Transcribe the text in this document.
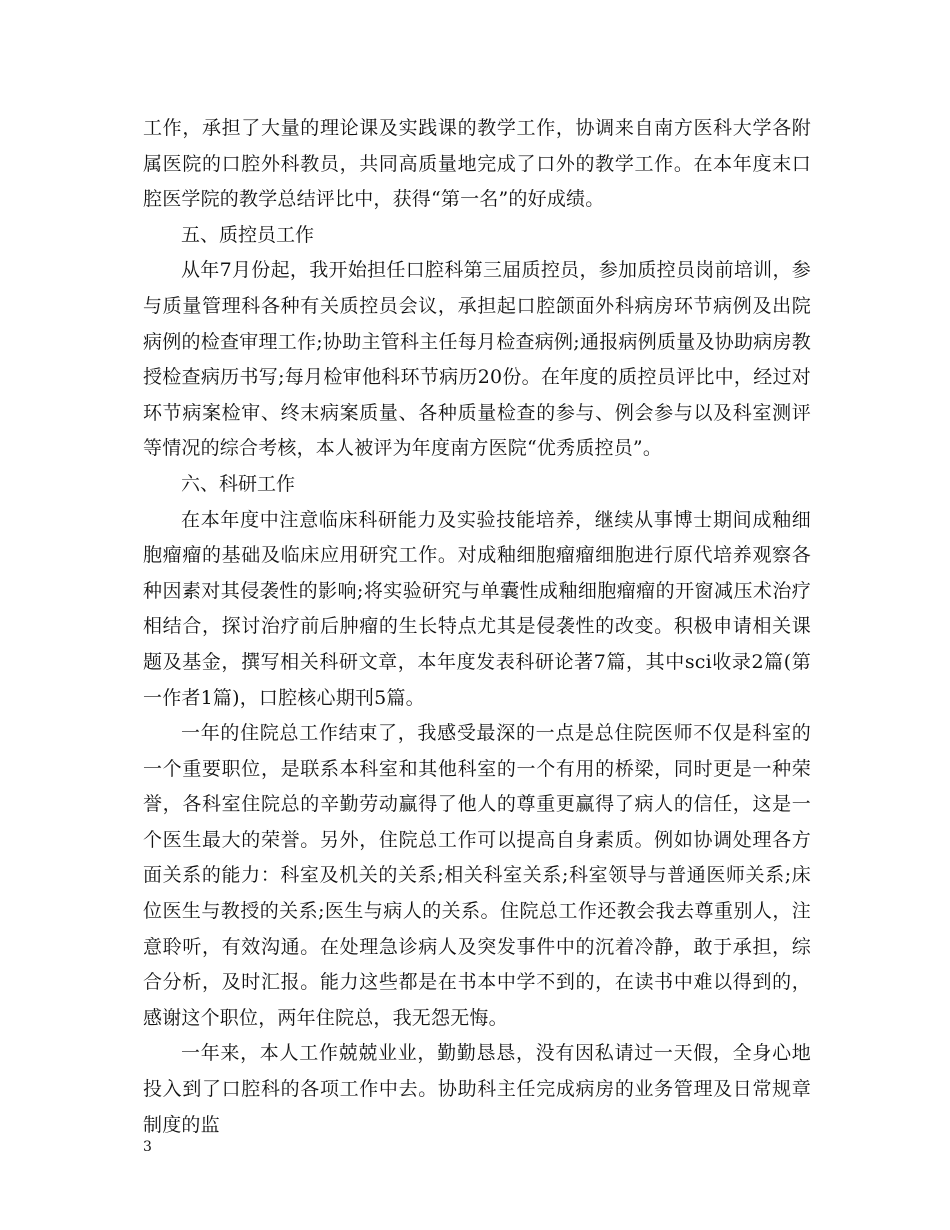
工作，承担了大量的理论课及实践课的教学工作，协调来自南方医科大学各附属医院的口腔外科教员，共同高质量地完成了口外的教学工作。在本年度末口腔医学院的教学总结评比中，获得“第一名”的好成绩。

五、质控员工作

从年7月份起，我开始担任口腔科第三届质控员，参加质控员岗前培训，参与质量管理科各种有关质控员会议，承担起口腔颌面外科病房环节病例及出院病例的检查审理工作;协助主管科主任每月检查病例;通报病例质量及协助病房教授检查病历书写;每月检审他科环节病历20份。在年度的质控员评比中，经过对环节病案检审、终末病案质量、各种质量检查的参与、例会参与以及科室测评等情况的综合考核，本人被评为年度南方医院“优秀质控员”。

六、科研工作

在本年度中注意临床科研能力及实验技能培养，继续从事博士期间成釉细胞瘤瘤的基础及临床应用研究工作。对成釉细胞瘤瘤细胞进行原代培养观察各种因素对其侵袭性的影响;将实验研究与单囊性成釉细胞瘤瘤的开窗减压术治疗相结合，探讨治疗前后肿瘤的生长特点尤其是侵袭性的改变。积极申请相关课题及基金，撰写相关科研文章，本年度发表科研论著7篇，其中sci收录2篇(第一作者1篇)，口腔核心期刊5篇。

一年的住院总工作结束了，我感受最深的一点是总住院医师不仅是科室的一个重要职位，是联系本科室和其他科室的一个有用的桥梁，同时更是一种荣誉，各科室住院总的辛勤劳动赢得了他人的尊重更赢得了病人的信任，这是一个医生最大的荣誉。另外，住院总工作可以提高自身素质。例如协调处理各方面关系的能力：科室及机关的关系;相关科室关系;科室领导与普通医师关系;床位医生与教授的关系;医生与病人的关系。住院总工作还教会我去尊重别人，注意聆听，有效沟通。在处理急诊病人及突发事件中的沉着冷静，敢于承担，综合分析，及时汇报。能力这些都是在书本中学不到的，在读书中难以得到的，感谢这个职位，两年住院总，我无怨无悔。

一年来，本人工作兢兢业业，勤勤恳恳，没有因私请过一天假，全身心地投入到了口腔科的各项工作中去。协助科主任完成病房的业务管理及日常规章制度的监

3
